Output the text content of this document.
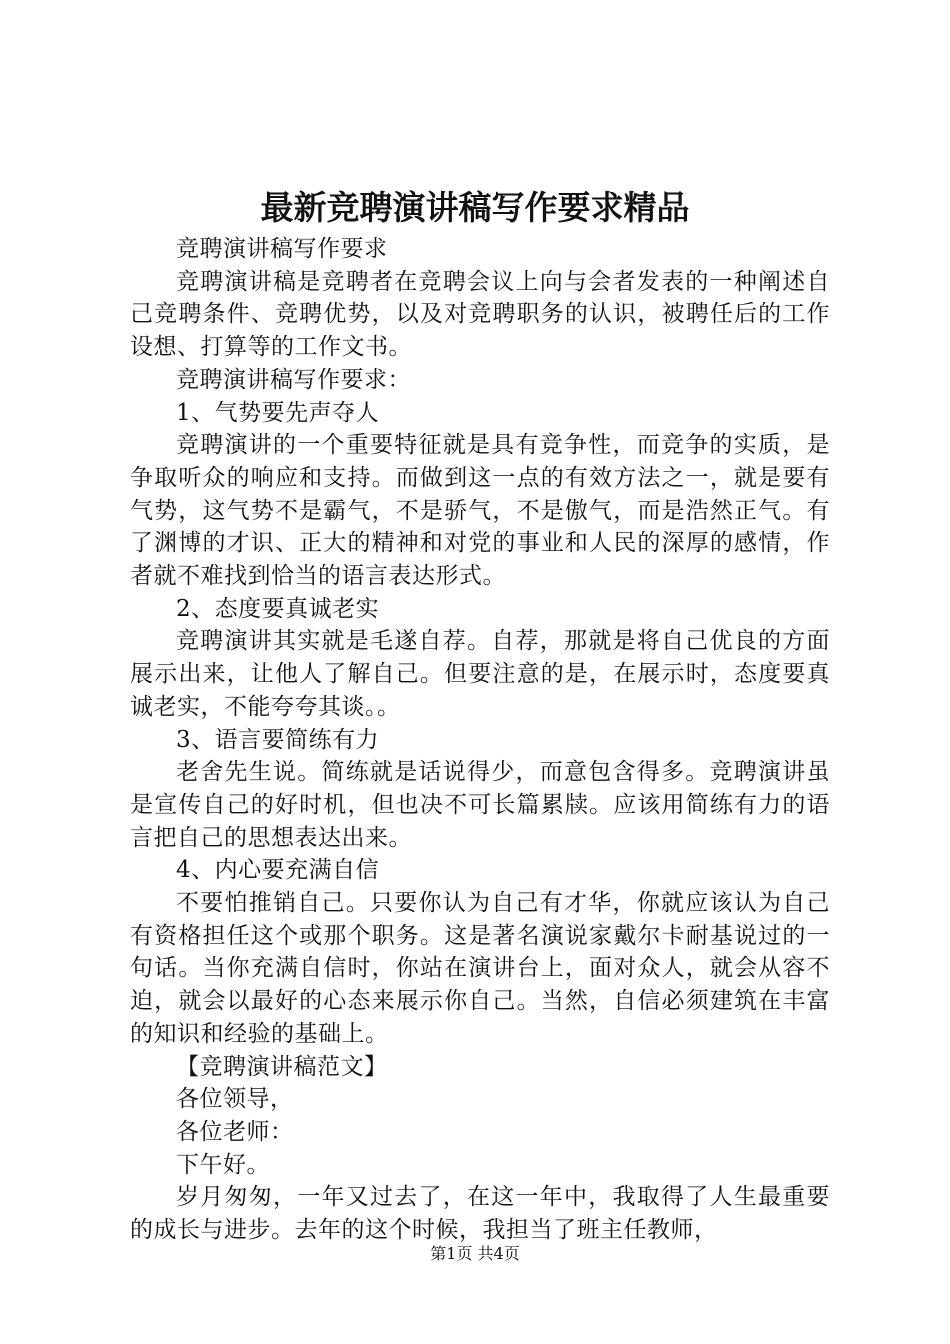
最新竞聘演讲稿写作要求精品

竞聘演讲稿写作要求

竞聘演讲稿是竞聘者在竞聘会议上向与会者发表的一种阐述自己竞聘条件、竞聘优势，以及对竞聘职务的认识，被聘任后的工作设想、打算等的工作文书。

竞聘演讲稿写作要求：

1、气势要先声夺人

竞聘演讲的一个重要特征就是具有竞争性，而竞争的实质，是争取听众的响应和支持。而做到这一点的有效方法之一，就是要有气势，这气势不是霸气，不是骄气，不是傲气，而是浩然正气。有了渊博的才识、正大的精神和对党的事业和人民的深厚的感情，作者就不难找到恰当的语言表达形式。

2、态度要真诚老实

竞聘演讲其实就是毛遂自荐。自荐，那就是将自己优良的方面展示出来，让他人了解自己。但要注意的是，在展示时，态度要真诚老实，不能夸夸其谈。。

3、语言要简练有力

老舍先生说。简练就是话说得少，而意包含得多。竞聘演讲虽是宣传自己的好时机，但也决不可长篇累牍。应该用简练有力的语言把自己的思想表达出来。

4、内心要充满自信

不要怕推销自己。只要你认为自己有才华，你就应该认为自己有资格担任这个或那个职务。这是著名演说家戴尔卡耐基说过的一句话。当你充满自信时，你站在演讲台上，面对众人，就会从容不迫，就会以最好的心态来展示你自己。当然，自信必须建筑在丰富的知识和经验的基础上。

【竞聘演讲稿范文】

各位领导，

各位老师：

下午好。

岁月匆匆，一年又过去了，在这一年中，我取得了人生最重要的成长与进步。去年的这个时候，我担当了班主任教师，

第1页 共4页
